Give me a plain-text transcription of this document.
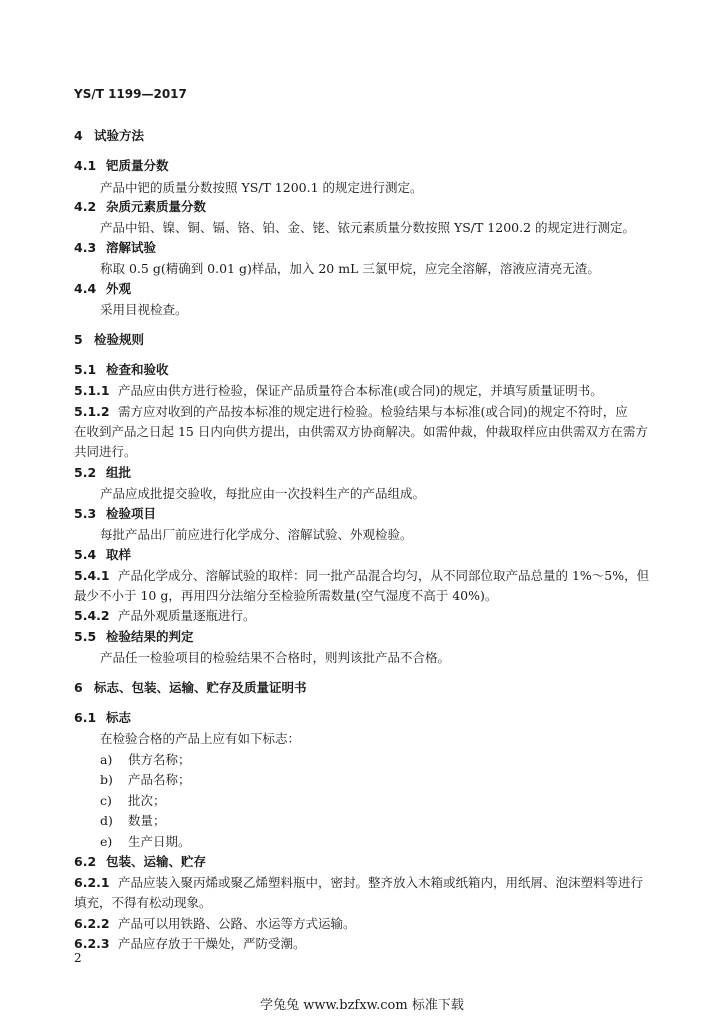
YS/T 1199—2017
4 试验方法
4.1 钯质量分数
产品中钯的质量分数按照 YS/T 1200.1 的规定进行测定。
4.2 杂质元素质量分数
产品中铅、镍、铜、镉、铬、铂、金、铑、铱元素质量分数按照 YS/T 1200.2 的规定进行测定。
4.3 溶解试验
称取 0.5 g(精确到 0.01 g)样品，加入 20 mL 三氯甲烷，应完全溶解，溶液应清亮无渣。
4.4 外观
采用目视检查。
5 检验规则
5.1 检查和验收
5.1.1 产品应由供方进行检验，保证产品质量符合本标准(或合同)的规定，并填写质量证明书。
5.1.2 需方应对收到的产品按本标准的规定进行检验。检验结果与本标准(或合同)的规定不符时，应
在收到产品之日起 15 日内向供方提出，由供需双方协商解决。如需仲裁，仲裁取样应由供需双方在需方
共同进行。
5.2 组批
产品应成批提交验收，每批应由一次投料生产的产品组成。
5.3 检验项目
每批产品出厂前应进行化学成分、溶解试验、外观检验。
5.4 取样
5.4.1 产品化学成分、溶解试验的取样：同一批产品混合均匀，从不同部位取产品总量的 1%～5%，但
最少不小于 10 g，再用四分法缩分至检验所需数量(空气湿度不高于 40%)。
5.4.2 产品外观质量逐瓶进行。
5.5 检验结果的判定
产品任一检验项目的检验结果不合格时，则判该批产品不合格。
6 标志、包装、运输、贮存及质量证明书
6.1 标志
在检验合格的产品上应有如下标志：
a) 供方名称；
b) 产品名称；
c) 批次；
d) 数量；
e) 生产日期。
6.2 包装、运输、贮存
6.2.1 产品应装入聚丙烯或聚乙烯塑料瓶中，密封。整齐放入木箱或纸箱内，用纸屑、泡沫塑料等进行
填充，不得有松动现象。
6.2.2 产品可以用铁路、公路、水运等方式运输。
6.2.3 产品应存放于干燥处，严防受潮。
2
学兔兔 www.bzfxw.com 标准下载
